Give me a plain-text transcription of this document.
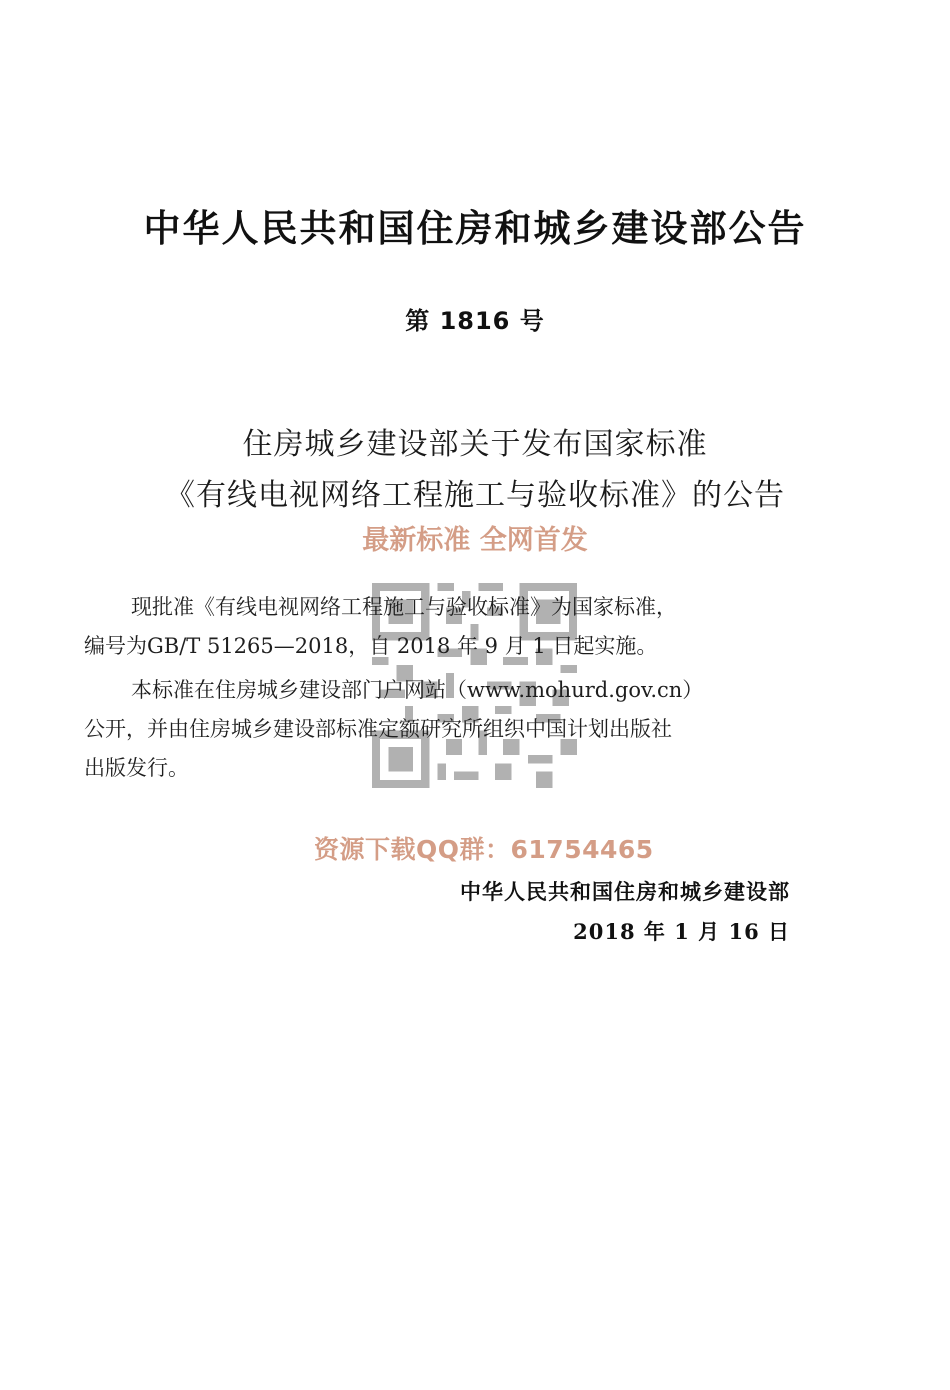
中华人民共和国住房和城乡建设部公告
第 1816 号
住房城乡建设部关于发布国家标准
《有线电视网络工程施工与验收标准》的公告
最新标准 全网首发
现批准《有线电视网络工程施工与验收标准》为国家标准，
编号为GB/T 51265—2018，自 2018 年 9 月 1 日起实施。
本标准在住房城乡建设部门户网站（www.mohurd.gov.cn）
公开，并由住房城乡建设部标准定额研究所组织中国计划出版社
出版发行。
资源下载QQ群：61754465
中华人民共和国住房和城乡建设部
2018 年 1 月 16 日
